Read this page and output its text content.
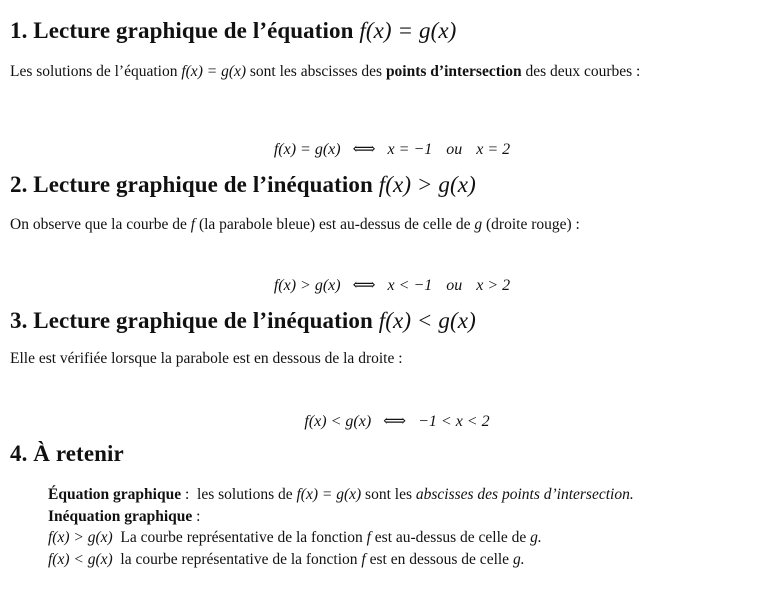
1. Lecture graphique de l’équation f(x) = g(x)

Les solutions de l’équation f(x) = g(x) sont les abscisses des points d’intersection des deux courbes :

f(x) = g(x) ⟺ x = −1 ou x = 2

2. Lecture graphique de l’inéquation f(x) > g(x)

On observe que la courbe de f (la parabole bleue) est au-dessus de celle de g (droite rouge) :

f(x) > g(x) ⟺ x < −1 ou x > 2

3. Lecture graphique de l’inéquation f(x) < g(x)

Elle est vérifiée lorsque la parabole est en dessous de la droite :

f(x) < g(x) ⟺ −1 < x < 2

4. À retenir
Équation graphique : les solutions de f(x) = g(x) sont les abscisses des points d’intersection.
Inéquation graphique :
f(x) > g(x) La courbe représentative de la fonction f est au-dessus de celle de g.
f(x) < g(x) la courbe représentative de la fonction f est en dessous de celle g.
